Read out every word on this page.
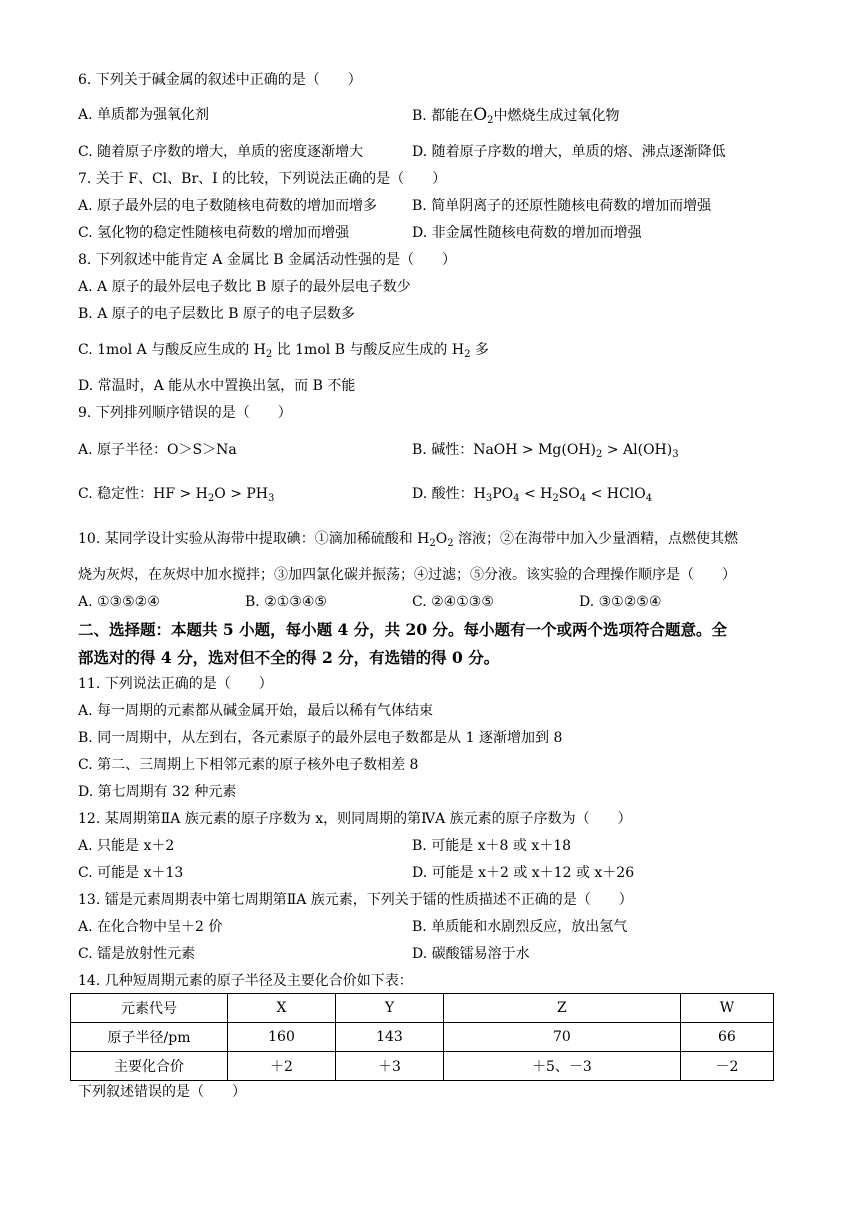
6. 下列关于碱金属的叙述中正确的是（　　）
A. 单质都为强氧化剂	B. 都能在$O_2$中燃烧生成过氧化物
C. 随着原子序数的增大，单质的密度逐渐增大	D. 随着原子序数的增大，单质的熔、沸点逐渐降低
7. 关于 F、Cl、Br、I 的比较，下列说法正确的是（　　）
A. 原子最外层的电子数随核电荷数的增加而增多 B. 简单阴离子的还原性随核电荷数的增加而增强
C. 氢化物的稳定性随核电荷数的增加而增强	D. 非金属性随核电荷数的增加而增强
8. 下列叙述中能肯定 A 金属比 B 金属活动性强的是（　　）
A. A 原子的最外层电子数比 B 原子的最外层电子数少
B. A 原子的电子层数比 B 原子的电子层数多
C. 1mol A 与酸反应生成的 $H_2$ 比 1mol B 与酸反应生成的 $H_2$ 多
D. 常温时，A 能从水中置换出氢，而 B 不能
9. 下列排列顺序错误的是（　　）
A. 原子半径：O＞S＞Na	B. 碱性：NaOH > $Mg(OH)_2 > Al(OH)_3$
C. 稳定性：HF > $H_2O > PH_3$	D. 酸性：$H_3PO_4 < H_2SO_4$ < HClO$_4$
10. 某同学设计实验从海带中提取碘：①滴加稀硫酸和 $H_2O_2$ 溶液；②在海带中加入少量酒精，点燃使其燃
烧为灰烬，在灰烬中加水搅拌；③加四氯化碳并振荡；④过滤；⑤分液。该实验的合理操作顺序是（　　）
A. ①③⑤②④	B. ②①③④⑤	C. ②④①③⑤	D. ③①②⑤④
二、选择题：本题共 5 小题，每小题 4 分，共 20 分。每小题有一个或两个选项符合题意。全
部选对的得 4 分，选对但不全的得 2 分，有选错的得 0 分。
11. 下列说法正确的是（　　）
A. 每一周期的元素都从碱金属开始，最后以稀有气体结束
B. 同一周期中，从左到右，各元素原子的最外层电子数都是从 1 逐渐增加到 8
C. 第二、三周期上下相邻元素的原子核外电子数相差 8
D. 第七周期有 32 种元素
12. 某周期第ⅡA 族元素的原子序数为 x，则同周期的第ⅣA 族元素的原子序数为（　　）
A. 只能是 x＋2	B. 可能是 x＋8 或 x＋18
C. 可能是 x＋13	D. 可能是 x＋2 或 x＋12 或 x＋26
13. 镭是元素周期表中第七周期第ⅡA 族元素，下列关于镭的性质描述不正确的是（　　）
A. 在化合物中呈＋2 价	B. 单质能和水剧烈反应，放出氢气
C. 镭是放射性元素	D. 碳酸镭易溶于水
14. 几种短周期元素的原子半径及主要化合价如下表：
元素代号	X	Y	Z	W
原子半径/pm	160	143	70	66
主要化合价	＋2	＋3	＋5、－3	－2
下列叙述错误的是（　　）
